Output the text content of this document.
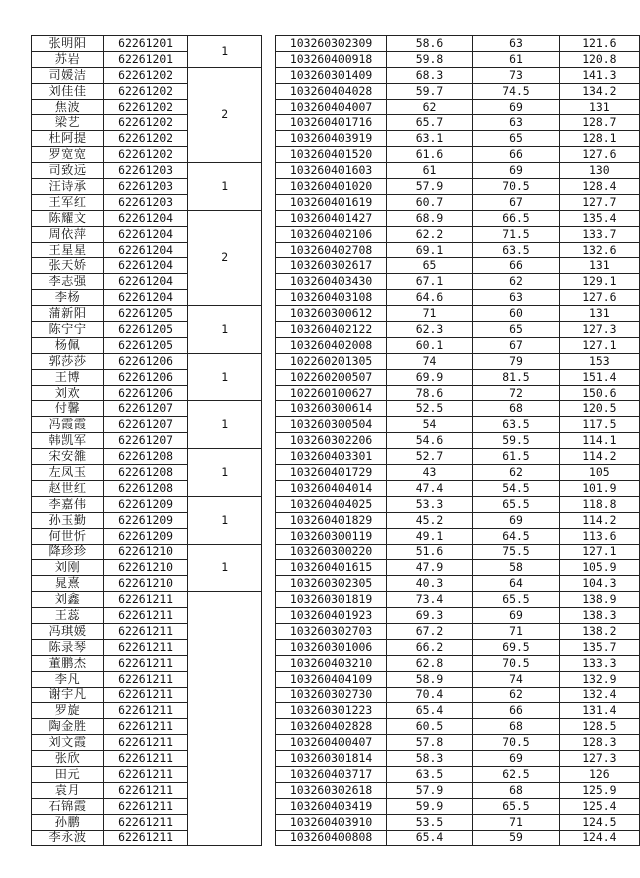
张明阳	62261201	1		103260302309	58.6	63	121.6
苏岩	62261201			103260400918	59.8	61	120.8
司媛洁	62261202	2		103260301409	68.3	73	141.3
刘佳佳	62261202			103260404028	59.7	74.5	134.2
焦波	62261202			103260404007	62	69	131
梁艺	62261202			103260401716	65.7	63	128.7
杜阿提	62261202			103260403919	63.1	65	128.1
罗宽宽	62261202			103260401520	61.6	66	127.6
司致远	62261203	1		103260401603	61	69	130
汪诗承	62261203			103260401020	57.9	70.5	128.4
王军红	62261203			103260401619	60.7	67	127.7
陈耀文	62261204	2		103260401427	68.9	66.5	135.4
周依萍	62261204			103260402106	62.2	71.5	133.7
王星星	62261204			103260402708	69.1	63.5	132.6
张天娇	62261204			103260302617	65	66	131
李志强	62261204			103260403430	67.1	62	129.1
李杨	62261204			103260403108	64.6	63	127.6
蒲新阳	62261205	1		103260300612	71	60	131
陈宁宁	62261205			103260402122	62.3	65	127.3
杨佩	62261205			103260402008	60.1	67	127.1
郭莎莎	62261206	1		102260201305	74	79	153
王博	62261206			102260200507	69.9	81.5	151.4
刘欢	62261206			102260100627	78.6	72	150.6
付馨	62261207	1		103260300614	52.5	68	120.5
冯霞霞	62261207			103260300504	54	63.5	117.5
韩凯军	62261207			103260302206	54.6	59.5	114.1
宋安雒	62261208	1		103260403301	52.7	61.5	114.2
左凤玉	62261208			103260401729	43	62	105
赵世红	62261208			103260404014	47.4	54.5	101.9
李嘉伟	62261209	1		103260404025	53.3	65.5	118.8
孙玉勤	62261209			103260401829	45.2	69	114.2
何世忻	62261209			103260300119	49.1	64.5	113.6
降珍珍	62261210	1		103260300220	51.6	75.5	127.1
刘刚	62261210			103260401615	47.9	58	105.9
晁熹	62261210			103260302305	40.3	64	104.3
刘鑫	62261211			103260301819	73.4	65.5	138.9
王蕊	62261211			103260401923	69.3	69	138.3
冯琪媛	62261211			103260302703	67.2	71	138.2
陈录琴	62261211			103260301006	66.2	69.5	135.7
董鹏杰	62261211			103260403210	62.8	70.5	133.3
李凡	62261211			103260404109	58.9	74	132.9
谢宇凡	62261211			103260302730	70.4	62	132.4
罗旋	62261211			103260301223	65.4	66	131.4
陶金胜	62261211			103260402828	60.5	68	128.5
刘文霞	62261211			103260400407	57.8	70.5	128.3
张欣	62261211			103260301814	58.3	69	127.3
田元	62261211			103260403717	63.5	62.5	126
袁月	62261211			103260302618	57.9	68	125.9
石锦霞	62261211			103260403419	59.9	65.5	125.4
孙鹏	62261211			103260403910	53.5	71	124.5
李永波	62261211			103260400808	65.4	59	124.4
